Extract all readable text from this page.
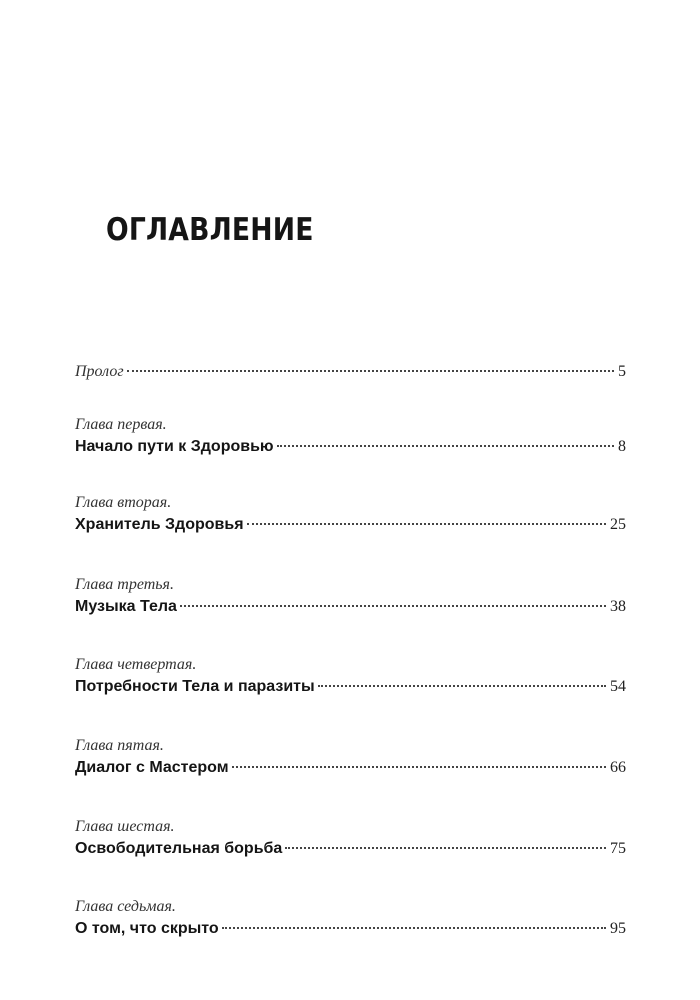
ОГЛАВЛЕНИЕ
Пролог	5
Глава первая.
Начало пути к Здоровью	8
Глава вторая.
Хранитель Здоровья	25
Глава третья.
Музыка Тела	38
Глава четвертая.
Потребности Тела и паразиты	54
Глава пятая.
Диалог с Мастером	66
Глава шестая.
Освободительная борьба	75
Глава седьмая.
О том, что скрыто	95
